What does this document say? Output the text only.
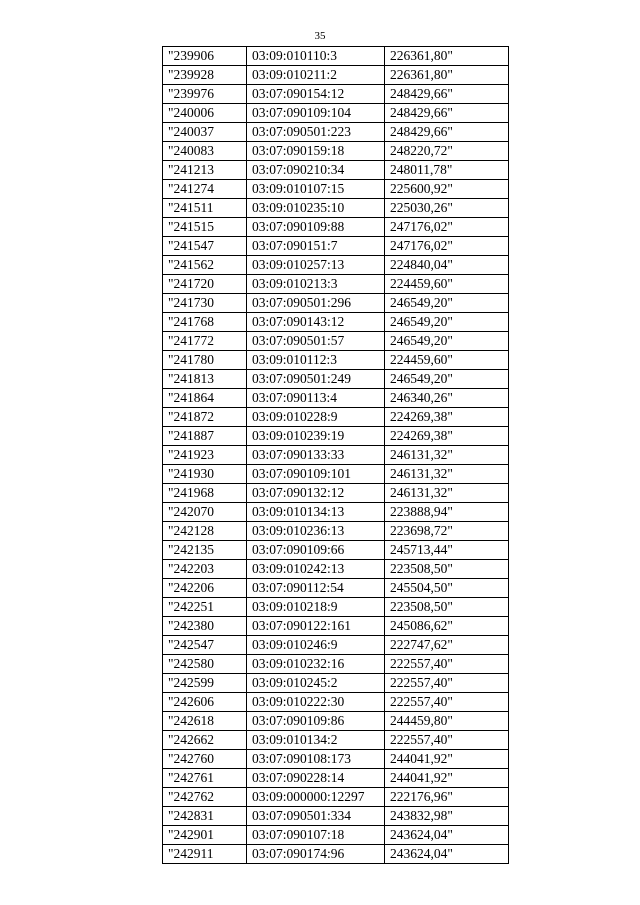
35
"239906	03:09:010110:3	226361,80"
"239928	03:09:010211:2	226361,80"
"239976	03:07:090154:12	248429,66"
"240006	03:07:090109:104	248429,66"
"240037	03:07:090501:223	248429,66"
"240083	03:07:090159:18	248220,72"
"241213	03:07:090210:34	248011,78"
"241274	03:09:010107:15	225600,92"
"241511	03:09:010235:10	225030,26"
"241515	03:07:090109:88	247176,02"
"241547	03:07:090151:7	247176,02"
"241562	03:09:010257:13	224840,04"
"241720	03:09:010213:3	224459,60"
"241730	03:07:090501:296	246549,20"
"241768	03:07:090143:12	246549,20"
"241772	03:07:090501:57	246549,20"
"241780	03:09:010112:3	224459,60"
"241813	03:07:090501:249	246549,20"
"241864	03:07:090113:4	246340,26"
"241872	03:09:010228:9	224269,38"
"241887	03:09:010239:19	224269,38"
"241923	03:07:090133:33	246131,32"
"241930	03:07:090109:101	246131,32"
"241968	03:07:090132:12	246131,32"
"242070	03:09:010134:13	223888,94"
"242128	03:09:010236:13	223698,72"
"242135	03:07:090109:66	245713,44"
"242203	03:09:010242:13	223508,50"
"242206	03:07:090112:54	245504,50"
"242251	03:09:010218:9	223508,50"
"242380	03:07:090122:161	245086,62"
"242547	03:09:010246:9	222747,62"
"242580	03:09:010232:16	222557,40"
"242599	03:09:010245:2	222557,40"
"242606	03:09:010222:30	222557,40"
"242618	03:07:090109:86	244459,80"
"242662	03:09:010134:2	222557,40"
"242760	03:07:090108:173	244041,92"
"242761	03:07:090228:14	244041,92"
"242762	03:09:000000:12297	222176,96"
"242831	03:07:090501:334	243832,98"
"242901	03:07:090107:18	243624,04"
"242911	03:07:090174:96	243624,04"
